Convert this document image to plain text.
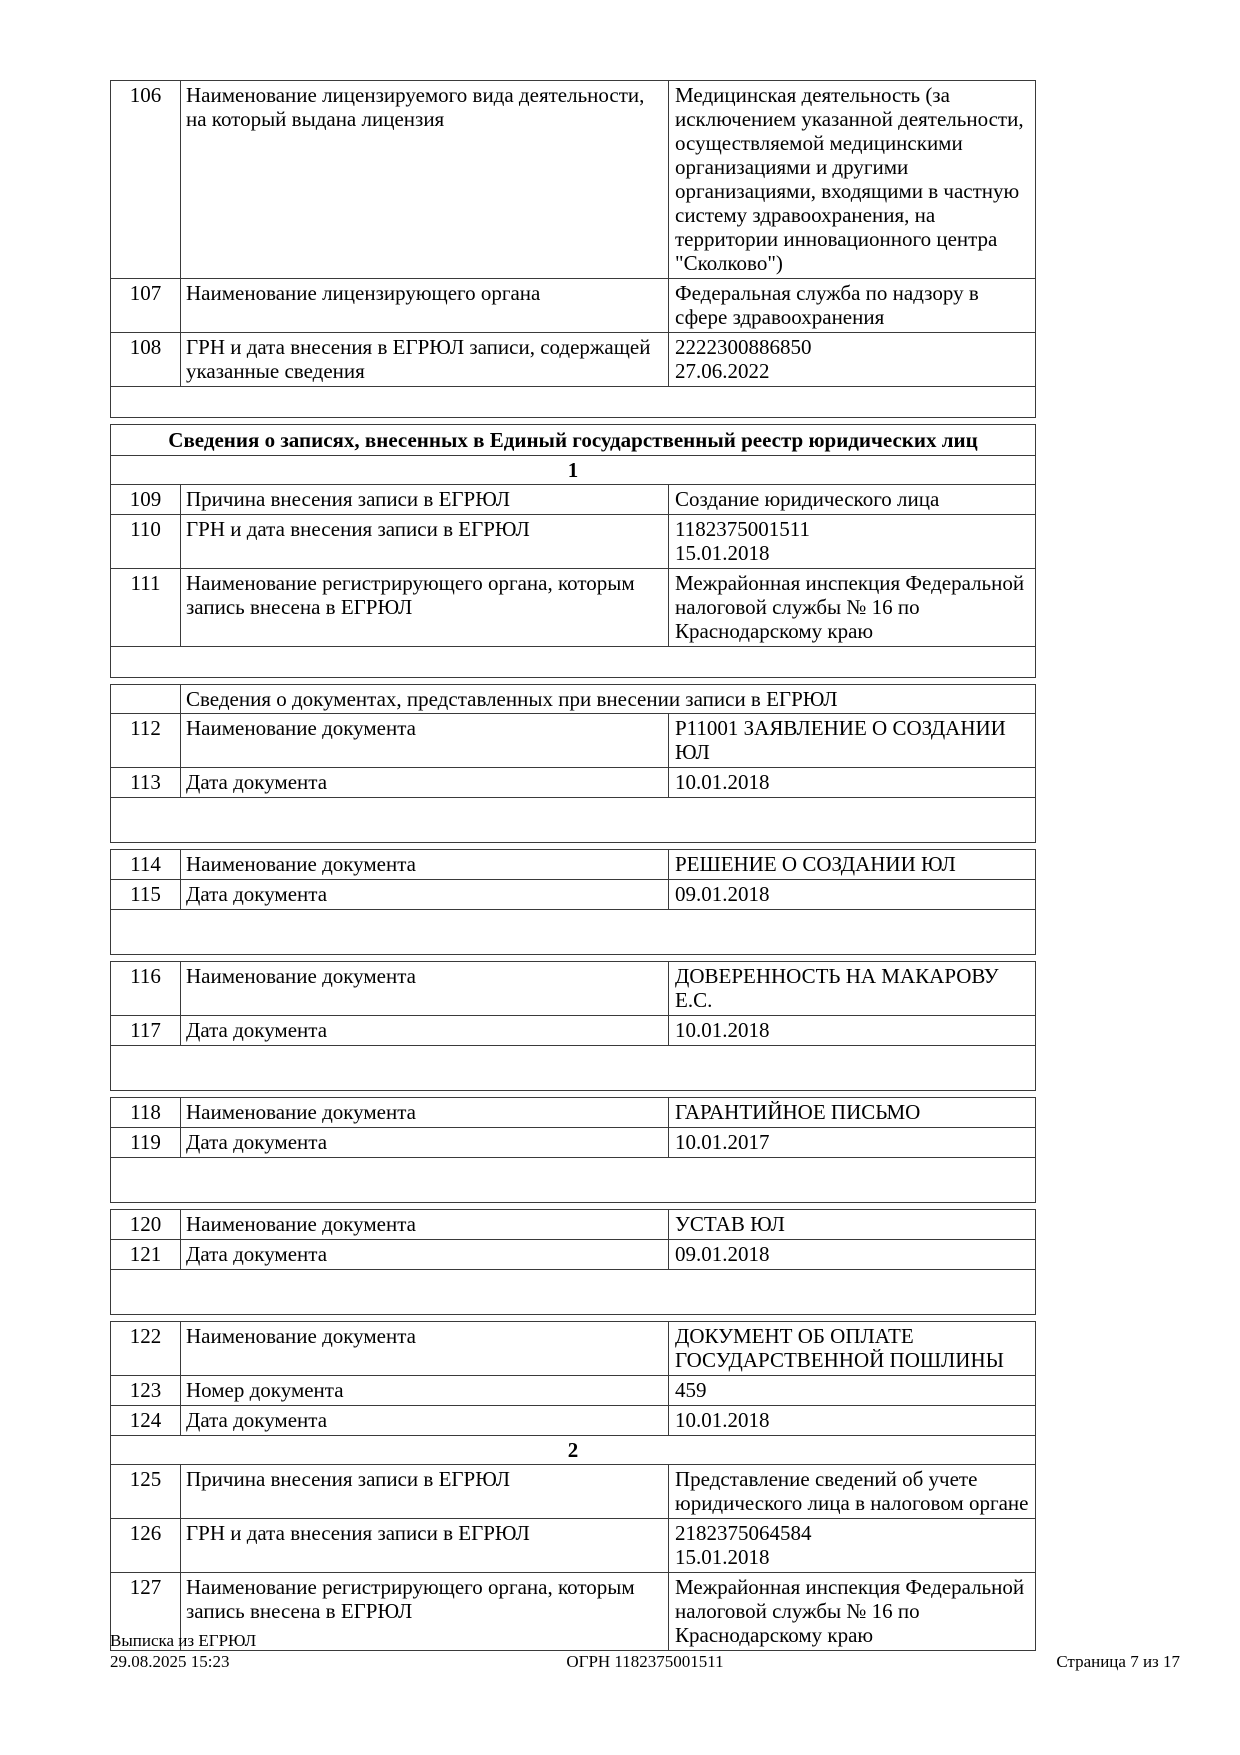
106	Наименование лицензируемого вида деятельности, на который выдана лицензия	Медицинская деятельность (за исключением указанной деятельности, осуществляемой медицинскими организациями и другими организациями, входящими в частную систему здравоохранения, на территории инновационного центра "Сколково")
107	Наименование лицензирующего органа	Федеральная служба по надзору в сфере здравоохранения
108	ГРН и дата внесения в ЕГРЮЛ записи, содержащей указанные сведения	2222300886850
27.06.2022
Сведения о записях, внесенных в Единый государственный реестр юридических лиц		
1		
109	Причина внесения записи в ЕГРЮЛ	Создание юридического лица
110	ГРН и дата внесения записи в ЕГРЮЛ	1182375001511
15.01.2018

111	Наименование регистрирующего органа, которым запись внесена в ЕГРЮЛ	Межрайонная инспекция Федеральной налоговой службы № 16 по Краснодарскому краю
	Сведения о документах, представленных при внесении записи в ЕГРЮЛ	
112	Наименование документа	Р11001 ЗАЯВЛЕНИЕ О СОЗДАНИИ ЮЛ
113	Дата документа	10.01.2018
114	Наименование документа	РЕШЕНИЕ О СОЗДАНИИ ЮЛ
115	Дата документа	09.01.2018
116	Наименование документа	ДОВЕРЕННОСТЬ НА МАКАРОВУ Е.С.
117	Дата документа	10.01.2018
118	Наименование документа	ГАРАНТИЙНОЕ ПИСЬМО
119	Дата документа	10.01.2017
120	Наименование документа	УСТАВ ЮЛ
121	Дата документа	09.01.2018
122	Наименование документа	ДОКУМЕНТ ОБ ОПЛАТЕ ГОСУДАРСТВЕННОЙ ПОШЛИНЫ
123	Номер документа	459
124	Дата документа	10.01.2018
2		
125	Причина внесения записи в ЕГРЮЛ	Представление сведений об учете юридического лица в налоговом органе
126	ГРН и дата внесения записи в ЕГРЮЛ	2182375064584
15.01.2018

127	Наименование регистрирующего органа, которым запись внесена в ЕГРЮЛ	Межрайонная инспекция Федеральной налоговой службы № 16 по Краснодарскому краю
Выписка из ЕГРЮЛ
29.08.2025 15:23	ОГРН 1182375001511	Страница 7 из 17
